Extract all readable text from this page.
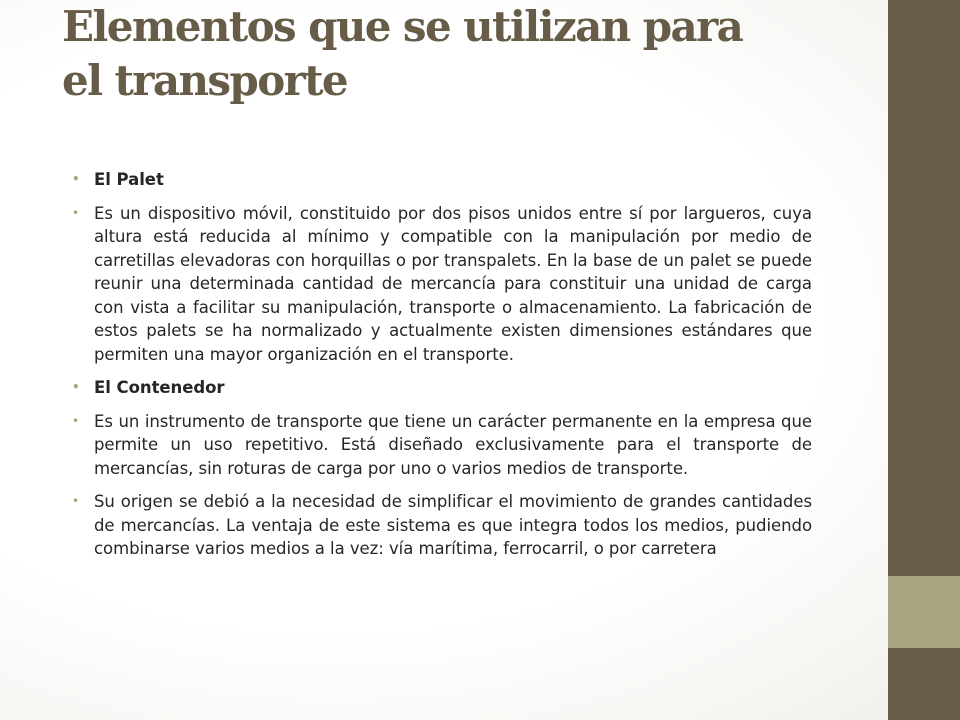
Elementos que se utilizan para
el transporte
• El Palet
• Es un dispositivo móvil, constituido por dos pisos unidos entre sí por largueros, cuya altura está reducida al mínimo y compatible con la manipulación por medio de carretillas elevadoras con horquillas o por transpalets. En la base de un palet se puede reunir una determinada cantidad de mercancía para constituir una unidad de carga con vista a facilitar su manipulación, transporte o almacenamiento. La fabricación de estos palets se ha normalizado y actualmente existen dimensiones estándares que permiten una mayor organización en el transporte.
• El Contenedor
• Es un instrumento de transporte que tiene un carácter permanente en la empresa que permite un uso repetitivo. Está diseñado exclusivamente para el transporte de mercancías, sin roturas de carga por uno o varios medios de transporte.
• Su origen se debió a la necesidad de simplificar el movimiento de grandes cantidades de mercancías. La ventaja de este sistema es que integra todos los medios, pudiendo combinarse varios medios a la vez: vía marítima, ferrocarril, o por carretera
